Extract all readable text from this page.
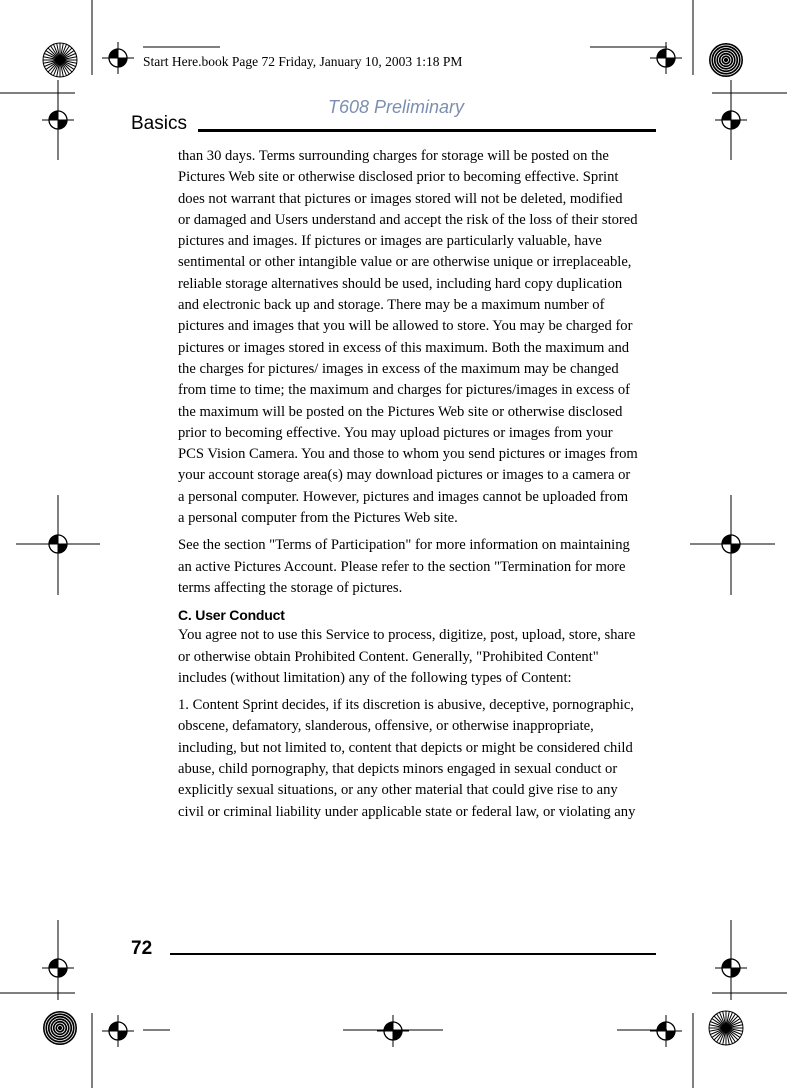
Start Here.book Page 72 Friday, January 10, 2003 1:18 PM
T608 Preliminary
Basics

than 30 days. Terms surrounding charges for storage will be posted on the Pictures Web site or otherwise disclosed prior to becoming effective. Sprint does not warrant that pictures or images stored will not be deleted, modified or damaged and Users understand and accept the risk of the loss of their stored pictures and images. If pictures or images are particularly valuable, have sentimental or other intangible value or are otherwise unique or irreplaceable, reliable storage alternatives should be used, including hard copy duplication and electronic back up and storage. There may be a maximum number of pictures and images that you will be allowed to store. You may be charged for pictures or images stored in excess of this maximum. Both the maximum and the charges for pictures/ images in excess of the maximum may be changed from time to time; the maximum and charges for pictures/images in excess of the maximum will be posted on the Pictures Web site or otherwise disclosed prior to becoming effective. You may upload pictures or images from your PCS Vision Camera. You and those to whom you send pictures or images from your account storage area(s) may download pictures or images to a camera or a personal computer. However, pictures and images cannot be uploaded from a personal computer from the Pictures Web site.

See the section "Terms of Participation" for more information on maintaining an active Pictures Account. Please refer to the section "Termination for more terms affecting the storage of pictures.

C. User Conduct

You agree not to use this Service to process, digitize, post, upload, store, share or otherwise obtain Prohibited Content. Generally, "Prohibited Content" includes (without limitation) any of the following types of Content:

1. Content Sprint decides, if its discretion is abusive, deceptive, pornographic, obscene, defamatory, slanderous, offensive, or otherwise inappropriate, including, but not limited to, content that depicts or might be considered child abuse, child pornography, that depicts minors engaged in sexual conduct or explicitly sexual situations, or any other material that could give rise to any civil or criminal liability under applicable state or federal law, or violating any

72
